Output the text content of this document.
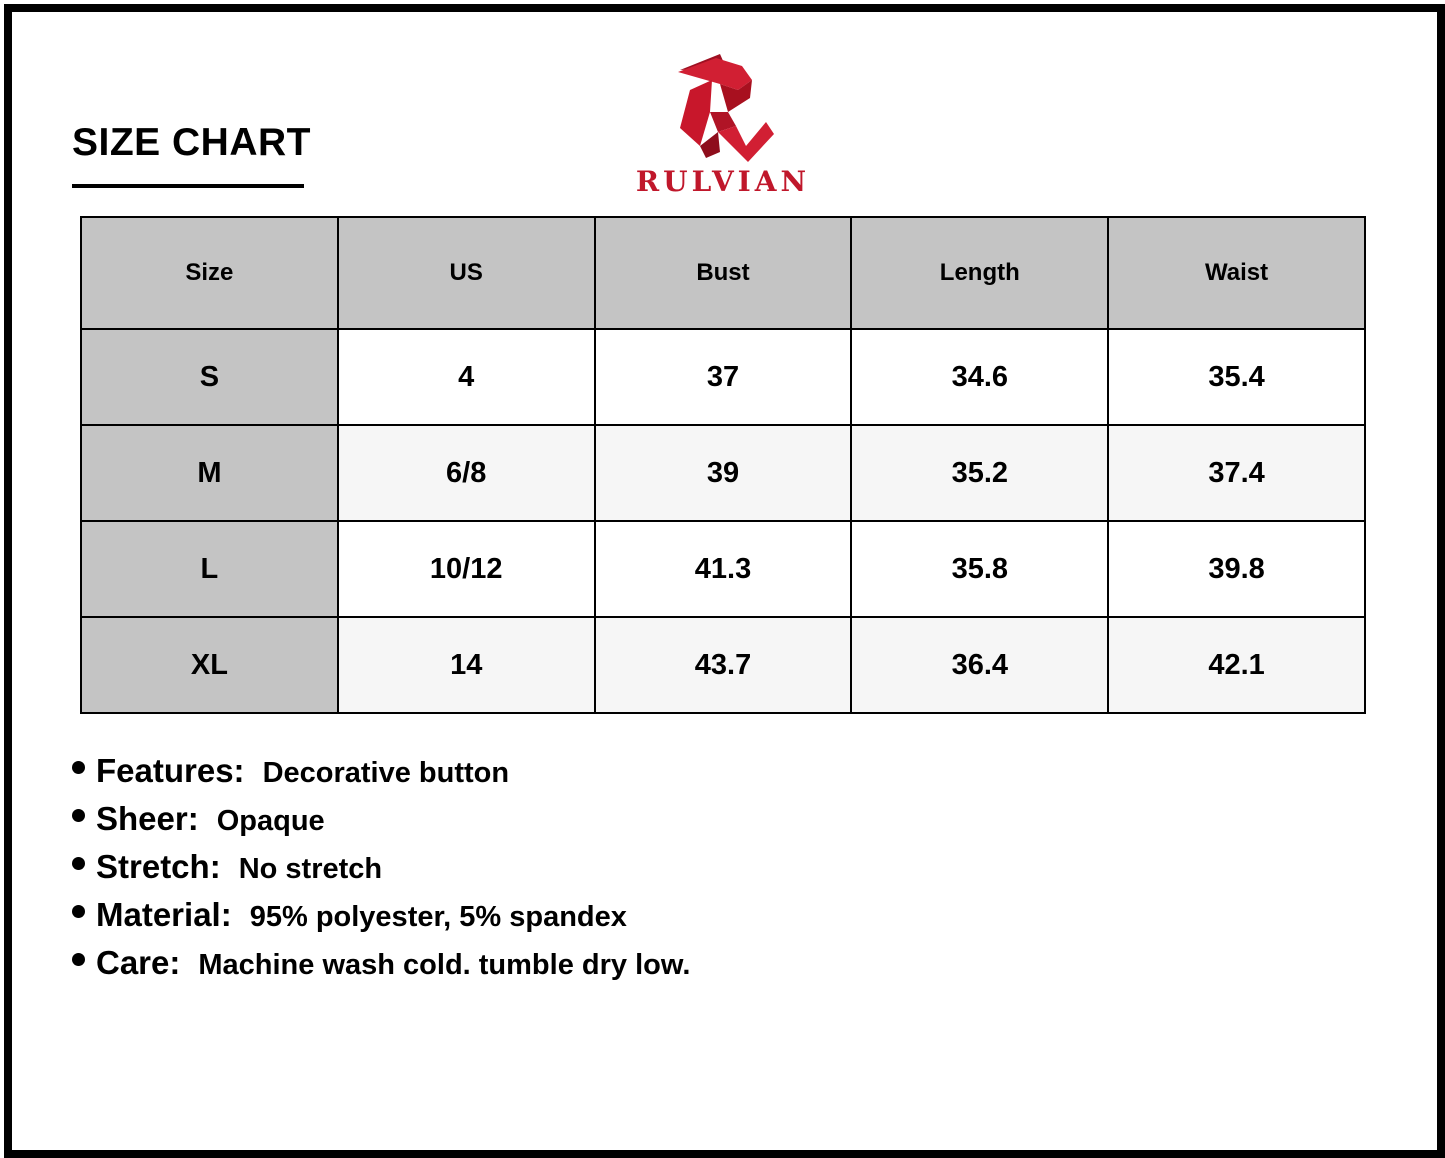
SIZE CHART
RULVIAN
Size	US	Bust	Length	Waist
S	4	37	34.6	35.4
M	6/8	39	35.2	37.4
L	10/12	41.3	35.8	39.8
XL	14	43.7	36.4	42.1
Features: Decorative button
Sheer: Opaque
Stretch: No stretch
Material: 95% polyester, 5% spandex
Care: Machine wash cold. tumble dry low.
